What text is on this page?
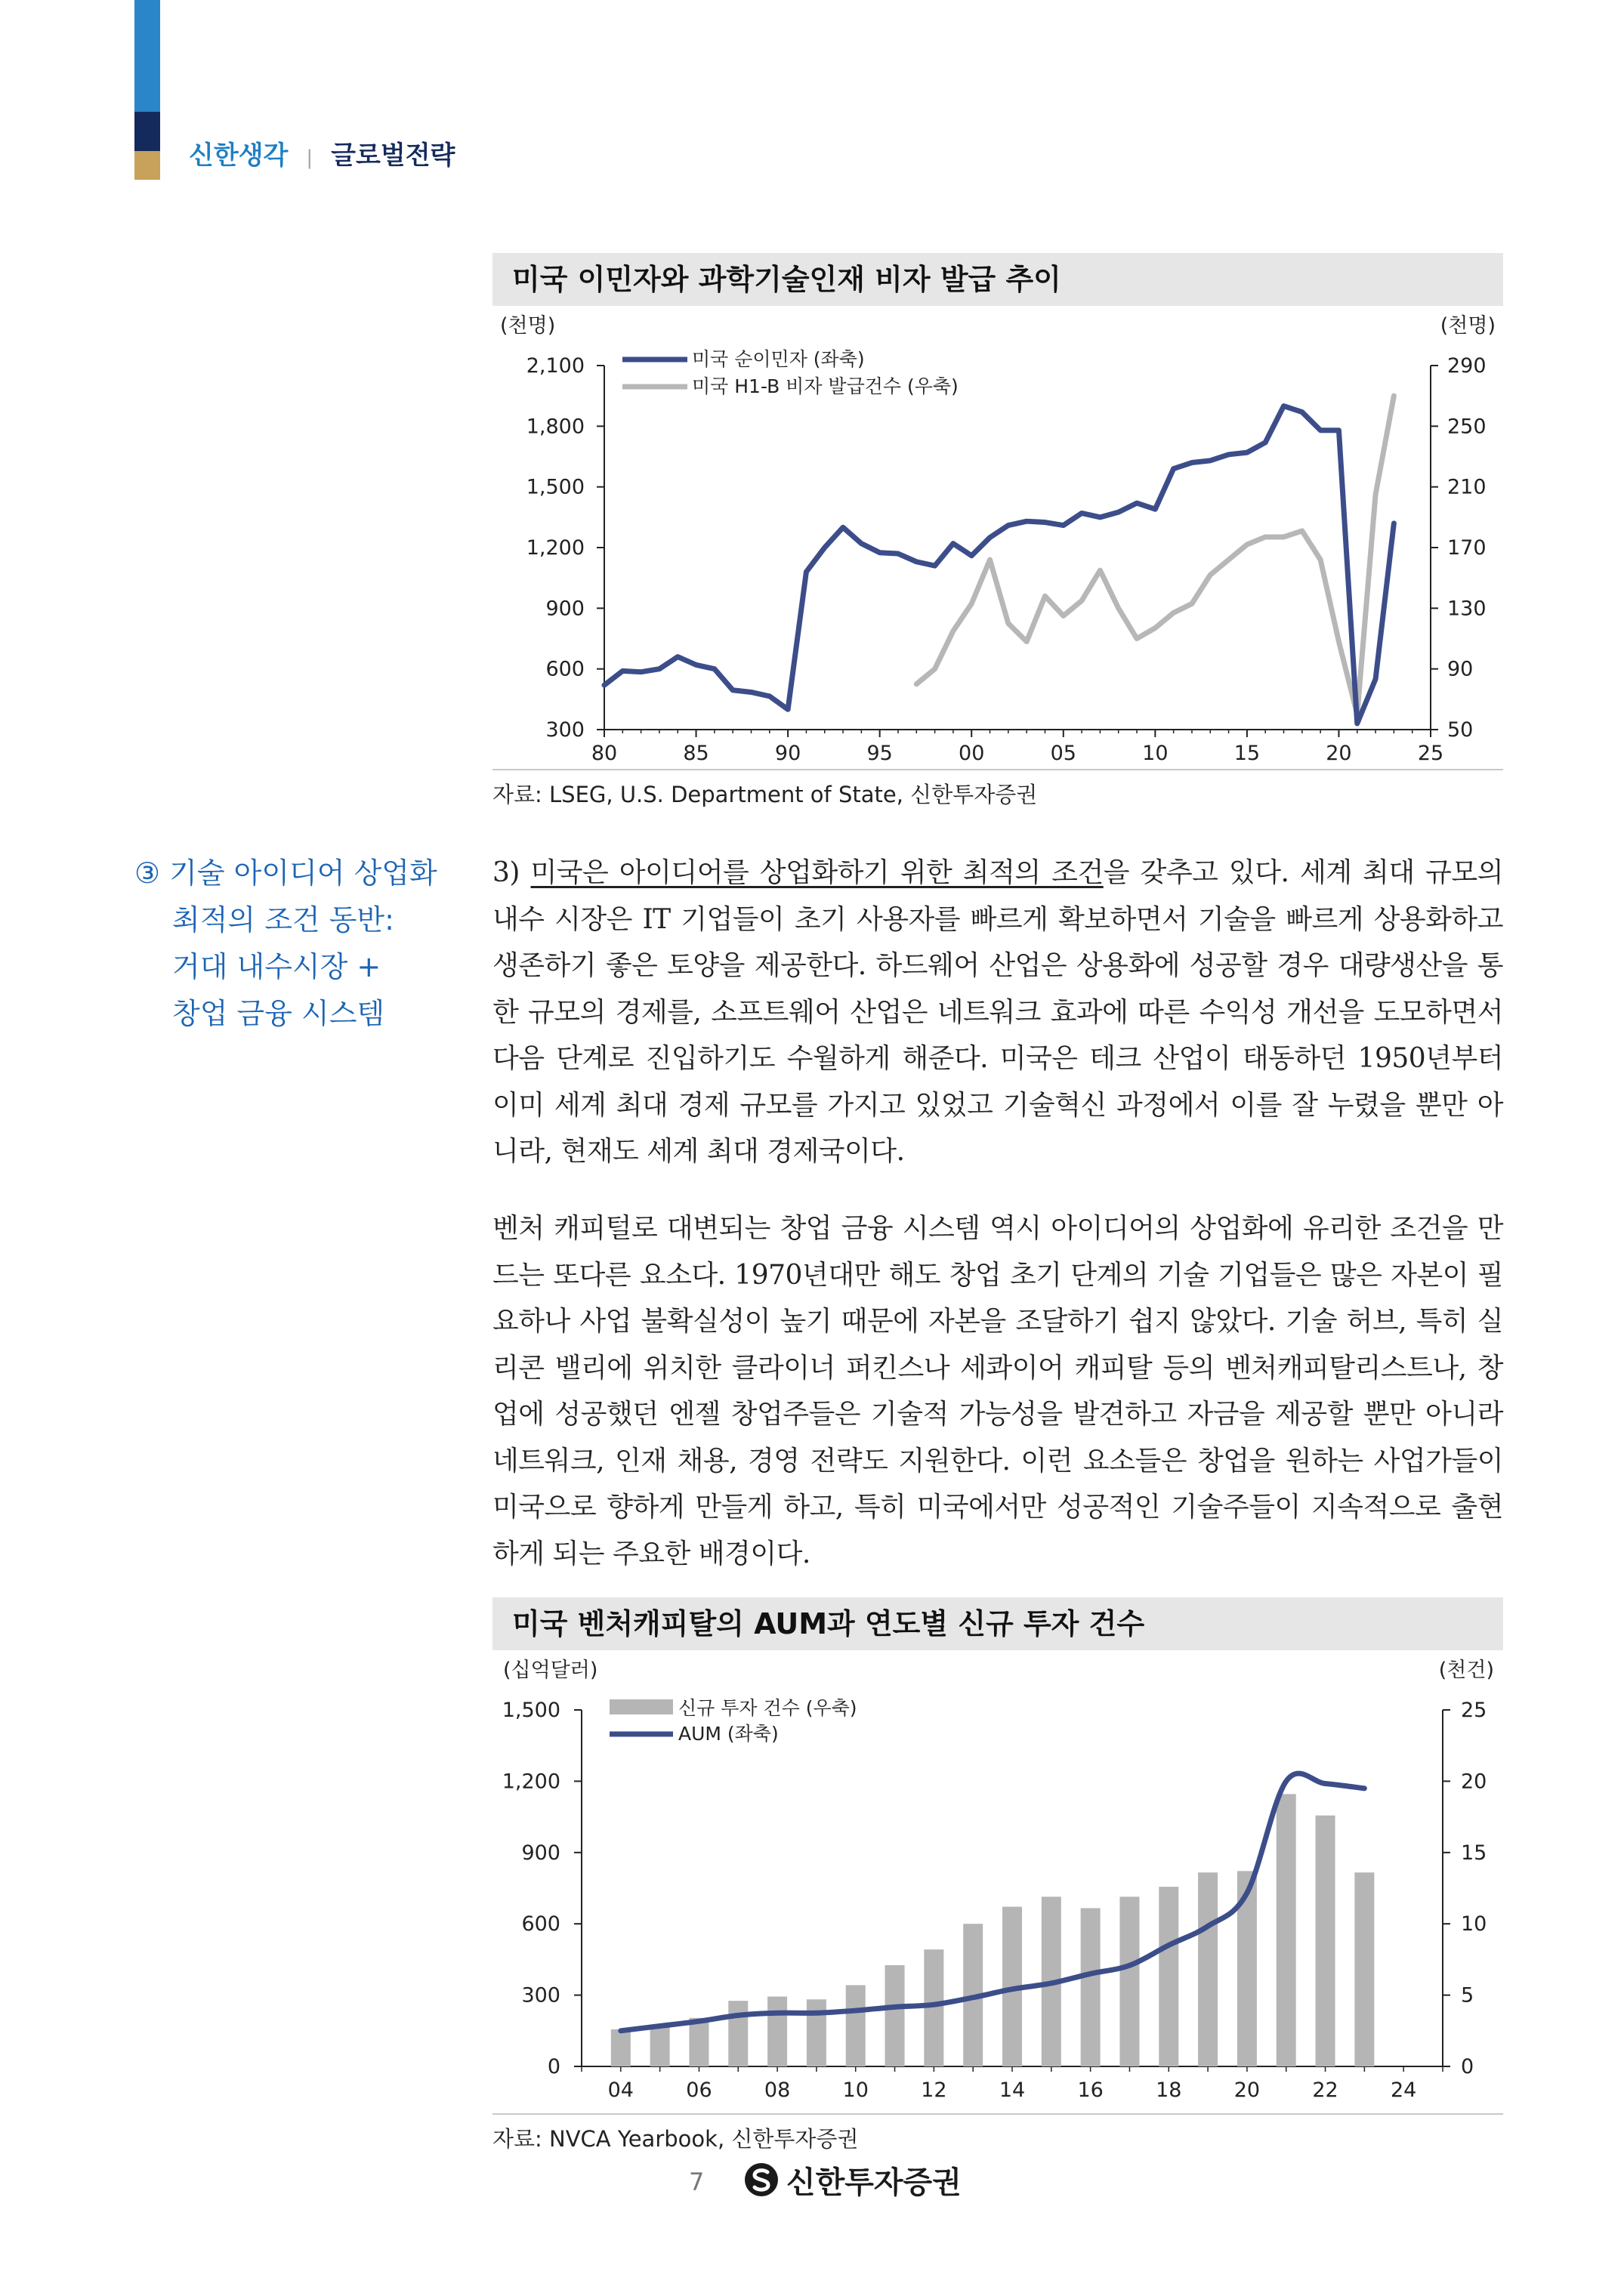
신한생각 | 글로벌전략
미국 이민자와 과학기술인재 비자 발급 추이
(천명)	(천명)
300
600
900
1,200
1,500
1,800
2,100
50
90
130
170
210
250
290
80	85	90	95	00	05	10	15	20	25
미국 순이민자 (좌축)
미국 H1-B 비자 발급건수 (우축)
자료: LSEG, U.S. Department of State, 신한투자증권
③ 기술 아이디어 상업화
최적의 조건 동반:
거대 내수시장 +
창업 금융 시스템

3) 미국은 아이디어를 상업화하기 위한 최적의 조건을 갖추고 있다. 세계 최대 규모의 내수 시장은 IT 기업들이 초기 사용자를 빠르게 확보하면서 기술을 빠르게 상용화하고 생존하기 좋은 토양을 제공한다. 하드웨어 산업은 상용화에 성공할 경우 대량생산을 통한 규모의 경제를, 소프트웨어 산업은 네트워크 효과에 따른 수익성 개선을 도모하면서 다음 단계로 진입하기도 수월하게 해준다. 미국은 테크 산업이 태동하던 1950년부터 이미 세계 최대 경제 규모를 가지고 있었고 기술혁신 과정에서 이를 잘 누렸을 뿐만 아니라, 현재도 세계 최대 경제국이다.

벤처 캐피털로 대변되는 창업 금융 시스템 역시 아이디어의 상업화에 유리한 조건을 만드는 또다른 요소다. 1970년대만 해도 창업 초기 단계의 기술 기업들은 많은 자본이 필요하나 사업 불확실성이 높기 때문에 자본을 조달하기 쉽지 않았다. 기술 허브, 특히 실리콘 밸리에 위치한 클라이너 퍼킨스나 세콰이어 캐피탈 등의 벤처캐피탈리스트나, 창업에 성공했던 엔젤 창업주들은 기술적 가능성을 발견하고 자금을 제공할 뿐만 아니라 네트워크, 인재 채용, 경영 전략도 지원한다. 이런 요소들은 창업을 원하는 사업가들이 미국으로 향하게 만들게 하고, 특히 미국에서만 성공적인 기술주들이 지속적으로 출현하게 되는 주요한 배경이다.

미국 벤처캐피탈의 AUM과 연도별 신규 투자 건수
(십억달러)	(천건)
0
300
600
900
1,200
1,500
0
5
10
15
20
25
04	06	08	10	12	14	16	18	20	22	24
신규 투자 건수 (우축)
AUM (좌축)
자료: NVCA Yearbook, 신한투자증권
7	신한투자증권
